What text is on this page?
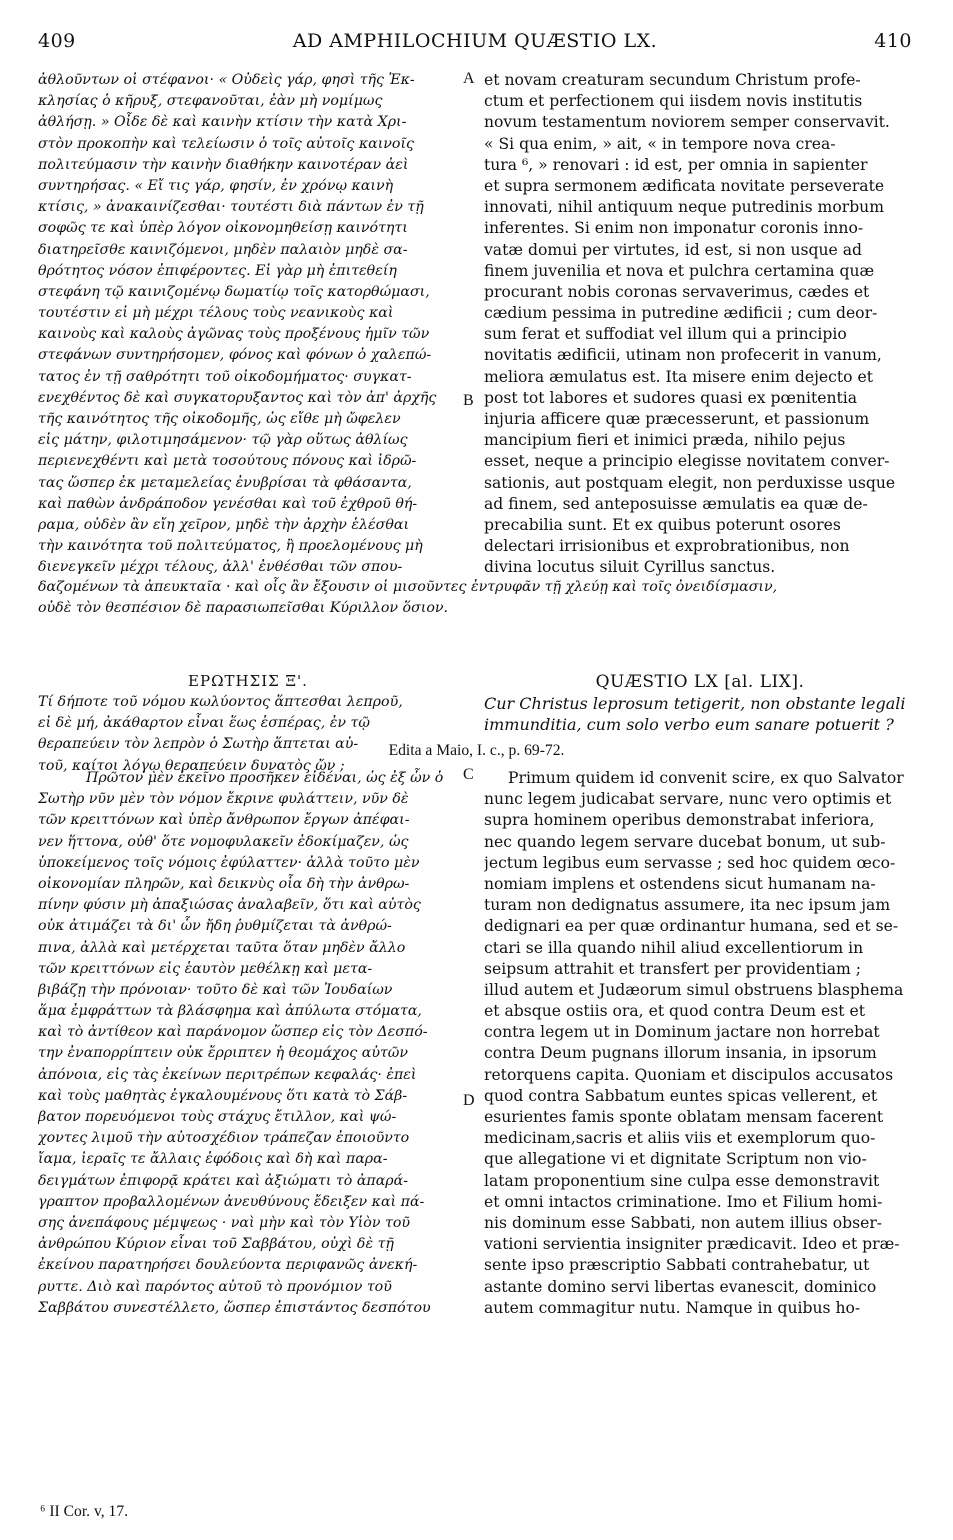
409	AD AMPHILOCHIUM QUÆSTIO LX.	410
ἀθλοῦντων οἱ στέφανοι· « Οὐδεὶς γάρ, φησὶ τῆς Ἐκ-
κλησίας ὁ κῆρυξ, στεφανοῦται, ἐὰν μὴ νομίμως
ἀθλήσῃ. » Οἶδε δὲ καὶ καινὴν κτίσιν τὴν κατὰ Χρι-
στὸν προκοπὴν καὶ τελείωσιν ὁ τοῖς αὐτοῖς καινοῖς
πολιτεύμασιν τὴν καινὴν διαθήκην καινοτέραν ἀεὶ
συντηρήσας. « Εἴ τις γάρ, φησίν, ἐν χρόνῳ καινὴ
κτίσις, » ἀνακαινίζεσθαι· τουτέστι διὰ πάντων ἐν τῇ
σοφῶς τε καὶ ὑπὲρ λόγον οἰκονομηθείσῃ καινότητι
διατηρεῖσθε καινιζόμενοι, μηδὲν παλαιὸν μηδὲ σα-
θρότητος νόσον ἐπιφέροντες. Εἰ γὰρ μὴ ἐπιτεθείη
στεφάνη τῷ καινιζομένῳ δωματίῳ τοῖς κατορθώμασι,
τουτέστιν εἰ μὴ μέχρι τέλους τοὺς νεανικοὺς καὶ
καινοὺς καὶ καλοὺς ἀγῶνας τοὺς προξένους ἡμῖν τῶν
στεφάνων συντηρήσομεν, φόνος καὶ φόνων ὁ χαλεπώ-
τατος ἐν τῇ σαθρότητι τοῦ οἰκοδομήματος· συγκατ-
ενεχθέντος δὲ καὶ συγκατορυξαντος καὶ τὸν ἀπ' ἀρχῆς
τῆς καινότητος τῆς οἰκοδομῆς, ὡς εἴθε μὴ ὤφελεν
εἰς μάτην, φιλοτιμησάμενον· τῷ γὰρ οὕτως ἀθλίως
περιενεχθέντι καὶ μετὰ τοσούτους πόνους καὶ ἱδρῶ-
τας ὥσπερ ἐκ μεταμελείας ἐνυβρίσαι τὰ φθάσαντα,
καὶ παθὼν ἀνδράποδον γενέσθαι καὶ τοῦ ἐχθροῦ θή-
ραμα, οὐδὲν ἂν εἴη χεῖρον, μηδὲ τὴν ἀρχὴν ἑλέσθαι
τὴν καινότητα τοῦ πολιτεύματος, ἢ προελομένους μὴ
διενεγκεῖν μέχρι τέλους, ἀλλ' ἐνθέσθαι τῶν σπου-
et novam creaturam secundum Christum profe-
ctum et perfectionem qui iisdem novis institutis
novum testamentum noviorem semper conservavit.
« Si qua enim, » ait, « in tempore nova crea-
tura ⁶, » renovari : id est, per omnia in sapienter
et supra sermonem ædificata novitate perseverate
innovati, nihil antiquum neque putredinis morbum
inferentes. Si enim non imponatur coronis inno-
vatæ domui per virtutes, id est, si non usque ad
finem juvenilia et nova et pulchra certamina quæ
procurant nobis coronas servaverimus, cædes et
cædium pessima in putredine ædificii ; cum deor-
sum ferat et suffodiat vel illum qui a principio
novitatis ædificii, utinam non profecerit in vanum,
meliora æmulatus est. Ita misere enim dejecto et
post tot labores et sudores quasi ex pœnitentia
injuria afficere quæ præcesserunt, et passionum
mancipium fieri et inimici præda, nihilo pejus
esset, neque a principio elegisse novitatem conver-
sationis, aut postquam elegit, non perduxisse usque
ad finem, sed anteposuisse æmulatis ea quæ de-
precabilia sunt. Et ex quibus poterunt osores
delectari irrisionibus et exprobrationibus, non
divina locutus siluit Cyrillus sanctus.
δαζομένων τὰ ἀπευκταῖα · καὶ οἷς ἂν ἔξουσιν οἱ μισοῦντες ἐντρυφᾶν τῇ χλεύῃ καὶ τοῖς ὀνειδίσμασιν,
οὐδὲ τὸν θεσπέσιον δὲ παρασιωπεῖσθαι Κύριλλον ὅσιον.
A
B
C
D
ΕΡΩΤΗΣΙΣ Ξ'.	QUÆSTIO LX [al. LIX].
Τί δήποτε τοῦ νόμου κωλύοντος ἅπτεσθαι λεπροῦ,
εἰ δὲ μή, ἀκάθαρτον εἶναι ἕως ἑσπέρας, ἐν τῷ
θεραπεύειν τὸν λεπρὸν ὁ Σωτὴρ ἅπτεται αὐ-
τοῦ, καίτοι λόγῳ θεραπεύειν δυνατὸς ὤν ;
Cur Christus leprosum tetigerit, non obstante legali
immunditia, cum solo verbo eum sanare potuerit ?
Edita a Maio, I. c., p. 69-72.
Πρῶτον μὲν ἐκεῖνο προσῆκεν εἰδέναι, ὡς ἐξ ὧν ὁ
Σωτὴρ νῦν μὲν τὸν νόμον ἔκρινε φυλάττειν, νῦν δὲ
τῶν κρειττόνων καὶ ὑπὲρ ἄνθρωπον ἔργων ἀπέφαι-
νεν ἥττονα, οὐθ' ὅτε νομοφυλακεῖν ἐδοκίμαζεν, ὡς
ὑποκείμενος τοῖς νόμοις ἐφύλαττεν· ἀλλὰ τοῦτο μὲν
οἰκονομίαν πληρῶν, καὶ δεικνὺς οἷα δὴ τὴν ἀνθρω-
πίνην φύσιν μὴ ἀπαξιώσας ἀναλαβεῖν, ὅτι καὶ αὐτὸς
οὐκ ἀτιμάζει τὰ δι' ὧν ἤδη ῥυθμίζεται τὰ ἀνθρώ-
πινα, ἀλλὰ καὶ μετέρχεται ταῦτα ὅταν μηδὲν ἄλλο
τῶν κρειττόνων εἰς ἑαυτὸν μεθέλκῃ καὶ μετα-
βιβάζῃ τὴν πρόνοιαν· τοῦτο δὲ καὶ τῶν Ἰουδαίων
ἅμα ἐμφράττων τὰ βλάσφημα καὶ ἀπύλωτα στόματα,
καὶ τὸ ἀντίθεον καὶ παράνομον ὥσπερ εἰς τὸν Δεσπό-
την ἐναπορρίπτειν οὐκ ἔρριπτεν ἡ θεομάχος αὐτῶν
ἀπόνοια, εἰς τὰς ἐκείνων περιτρέπων κεφαλάς· ἐπεὶ
καὶ τοὺς μαθητὰς ἐγκαλουμένους ὅτι κατὰ τὸ Σάβ-
βατον πορευόμενοι τοὺς στάχυς ἔτιλλον, καὶ ψώ-
χοντες λιμοῦ τὴν αὐτοσχέδιον τράπεζαν ἐποιοῦντο
ἴαμα, ἱεραῖς τε ἄλλαις ἐφόδοις καὶ δὴ καὶ παρα-
δειγμάτων ἐπιφορᾷ κράτει καὶ ἀξιώματι τὸ ἀπαρά-
γραπτον προβαλλομένων ἀνευθύνους ἔδειξεν καὶ πά-
σης ἀνεπάφους μέμψεως · ναὶ μὴν καὶ τὸν Υἱὸν τοῦ
ἀνθρώπου Κύριον εἶναι τοῦ Σαββάτου, οὐχὶ δὲ τῇ
ἐκείνου παρατηρήσει δουλεύοντα περιφανῶς ἀνεκή-
ρυττε. Διὸ καὶ παρόντος αὐτοῦ τὸ προνόμιον τοῦ
Σαββάτου συνεστέλλετο, ὥσπερ ἐπιστάντος δεσπότου
Primum quidem id convenit scire, ex quo Salvator
nunc legem judicabat servare, nunc vero optimis et
supra hominem operibus demonstrabat inferiora,
nec quando legem servare ducebat bonum, ut sub-
jectum legibus eum servasse ; sed hoc quidem œco-
nomiam implens et ostendens sicut humanam na-
turam non dedignatus assumere, ita nec ipsum jam
dedignari ea per quæ ordinantur humana, sed et se-
ctari se illa quando nihil aliud excellentiorum in
seipsum attrahit et transfert per providentiam ;
illud autem et Judæorum simul obstruens blasphema
et absque ostiis ora, et quod contra Deum est et
contra legem ut in Dominum jactare non horrebat
contra Deum pugnans illorum insania, in ipsorum
retorquens capita. Quoniam et discipulos accusatos
quod contra Sabbatum euntes spicas vellerent, et
esurientes famis sponte oblatam mensam facerent
medicinam,sacris et aliis viis et exemplorum quo-
que allegatione vi et dignitate Scriptum non vio-
latam proponentium sine culpa esse demonstravit
et omni intactos criminatione. Imo et Filium homi-
nis dominum esse Sabbati, non autem illius obser-
vationi servientia insigniter prædicavit. Ideo et præ-
sente ipso præscriptio Sabbati contrahebatur, ut
astante domino servi libertas evanescit, dominico
autem commagitur nutu. Namque in quibus ho-
⁶ II Cor. v, 17.
